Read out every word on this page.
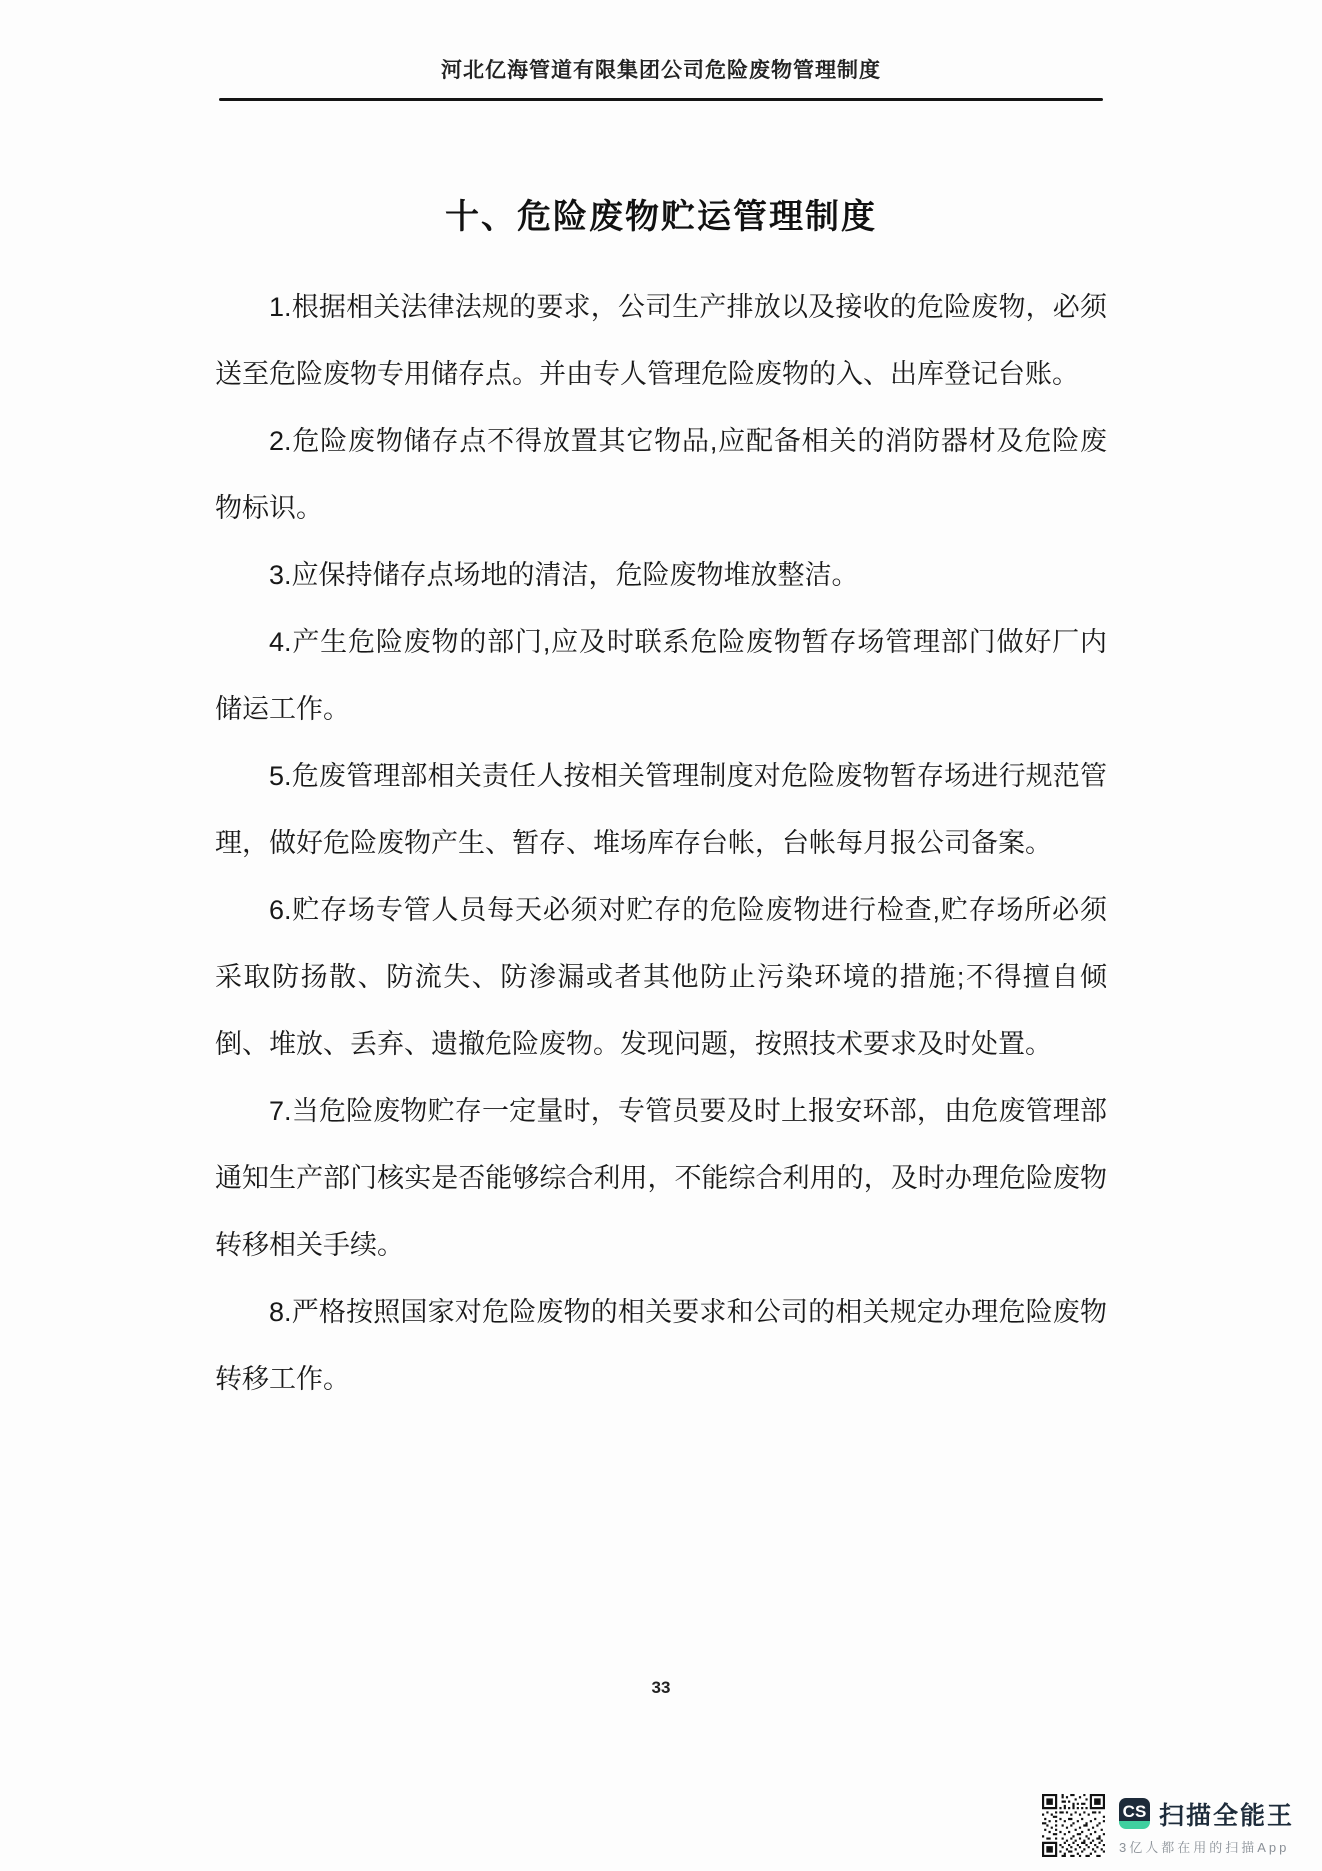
河北亿海管道有限集团公司危险废物管理制度
十、危险废物贮运管理制度

1.根据相关法律法规的要求，公司生产排放以及接收的危险废物，必须送至危险废物专用储存点。并由专人管理危险废物的入、出库登记台账。

2.危险废物储存点不得放置其它物品,应配备相关的消防器材及危险废物标识。

3.应保持储存点场地的清洁，危险废物堆放整洁。

4.产生危险废物的部门,应及时联系危险废物暂存场管理部门做好厂内储运工作。

5.危废管理部相关责任人按相关管理制度对危险废物暂存场进行规范管理，做好危险废物产生、暂存、堆场库存台帐，台帐每月报公司备案。

6.贮存场专管人员每天必须对贮存的危险废物进行检查,贮存场所必须采取防扬散、防流失、防渗漏或者其他防止污染环境的措施;不得擅自倾倒、堆放、丢弃、遗撤危险废物。发现问题，按照技术要求及时处置。

7.当危险废物贮存一定量时，专管员要及时上报安环部，由危废管理部通知生产部门核实是否能够综合利用，不能综合利用的，及时办理危险废物转移相关手续。

8.严格按照国家对危险废物的相关要求和公司的相关规定办理危险废物转移工作。

33
CS 扫描全能王
3亿人都在用的扫描App
